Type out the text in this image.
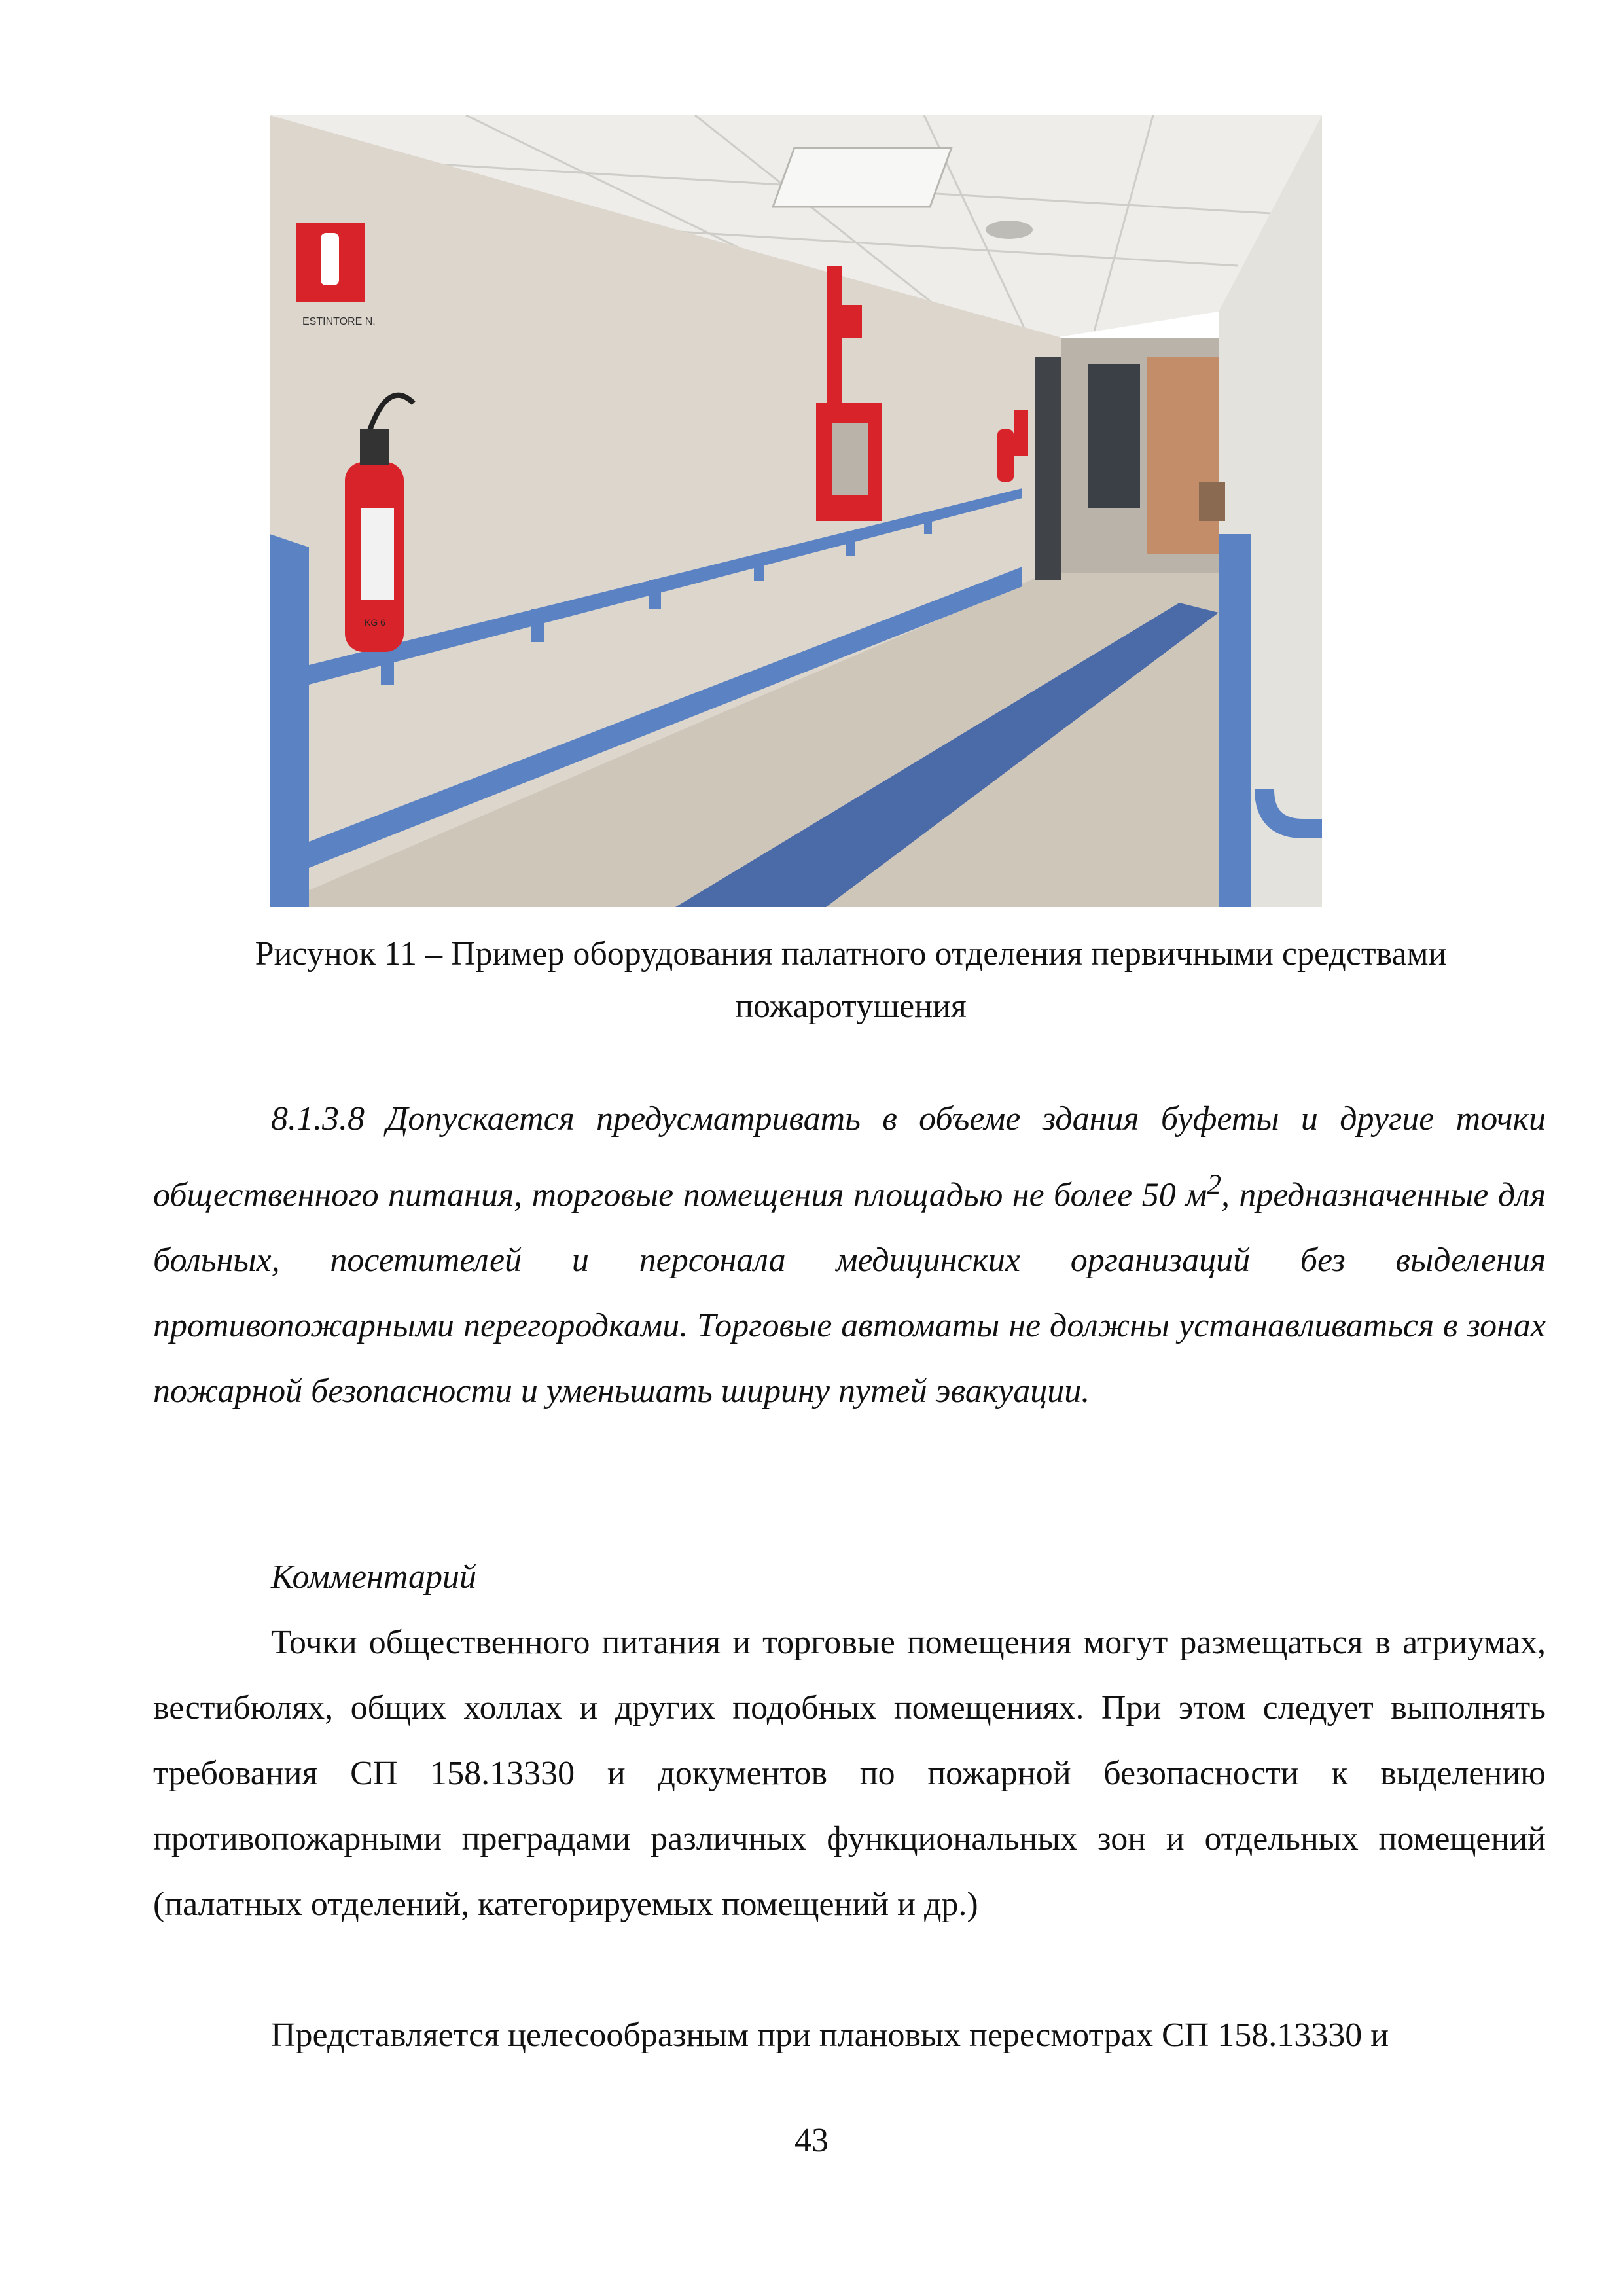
ESTINTORE N.
KG 6
Рисунок 11 – Пример оборудования палатного отделения первичными средствами
пожаротушения
8.1.3.8 Допускается предусматривать в объеме здания буфеты и другие точки общественного питания, торговые помещения площадью не более 50 $м^2$, предназначенные для больных, посетителей и персонала медицинских организаций без выделения противопожарными перегородками. Торговые автоматы не должны устанавливаться в зонах пожарной безопасности и уменьшать ширину путей эвакуации.
Комментарий
Точки общественного питания и торговые помещения могут размещаться в атриумах, вестибюлях, общих холлах и других подобных помещениях. При этом следует выполнять требования СП 158.13330 и документов по пожарной безопасности к выделению противопожарными преградами различных функциональных зон и отдельных помещений (палатных отделений, категорируемых помещений и др.)
Представляется целесообразным при плановых пересмотрах СП 158.13330 и
43
